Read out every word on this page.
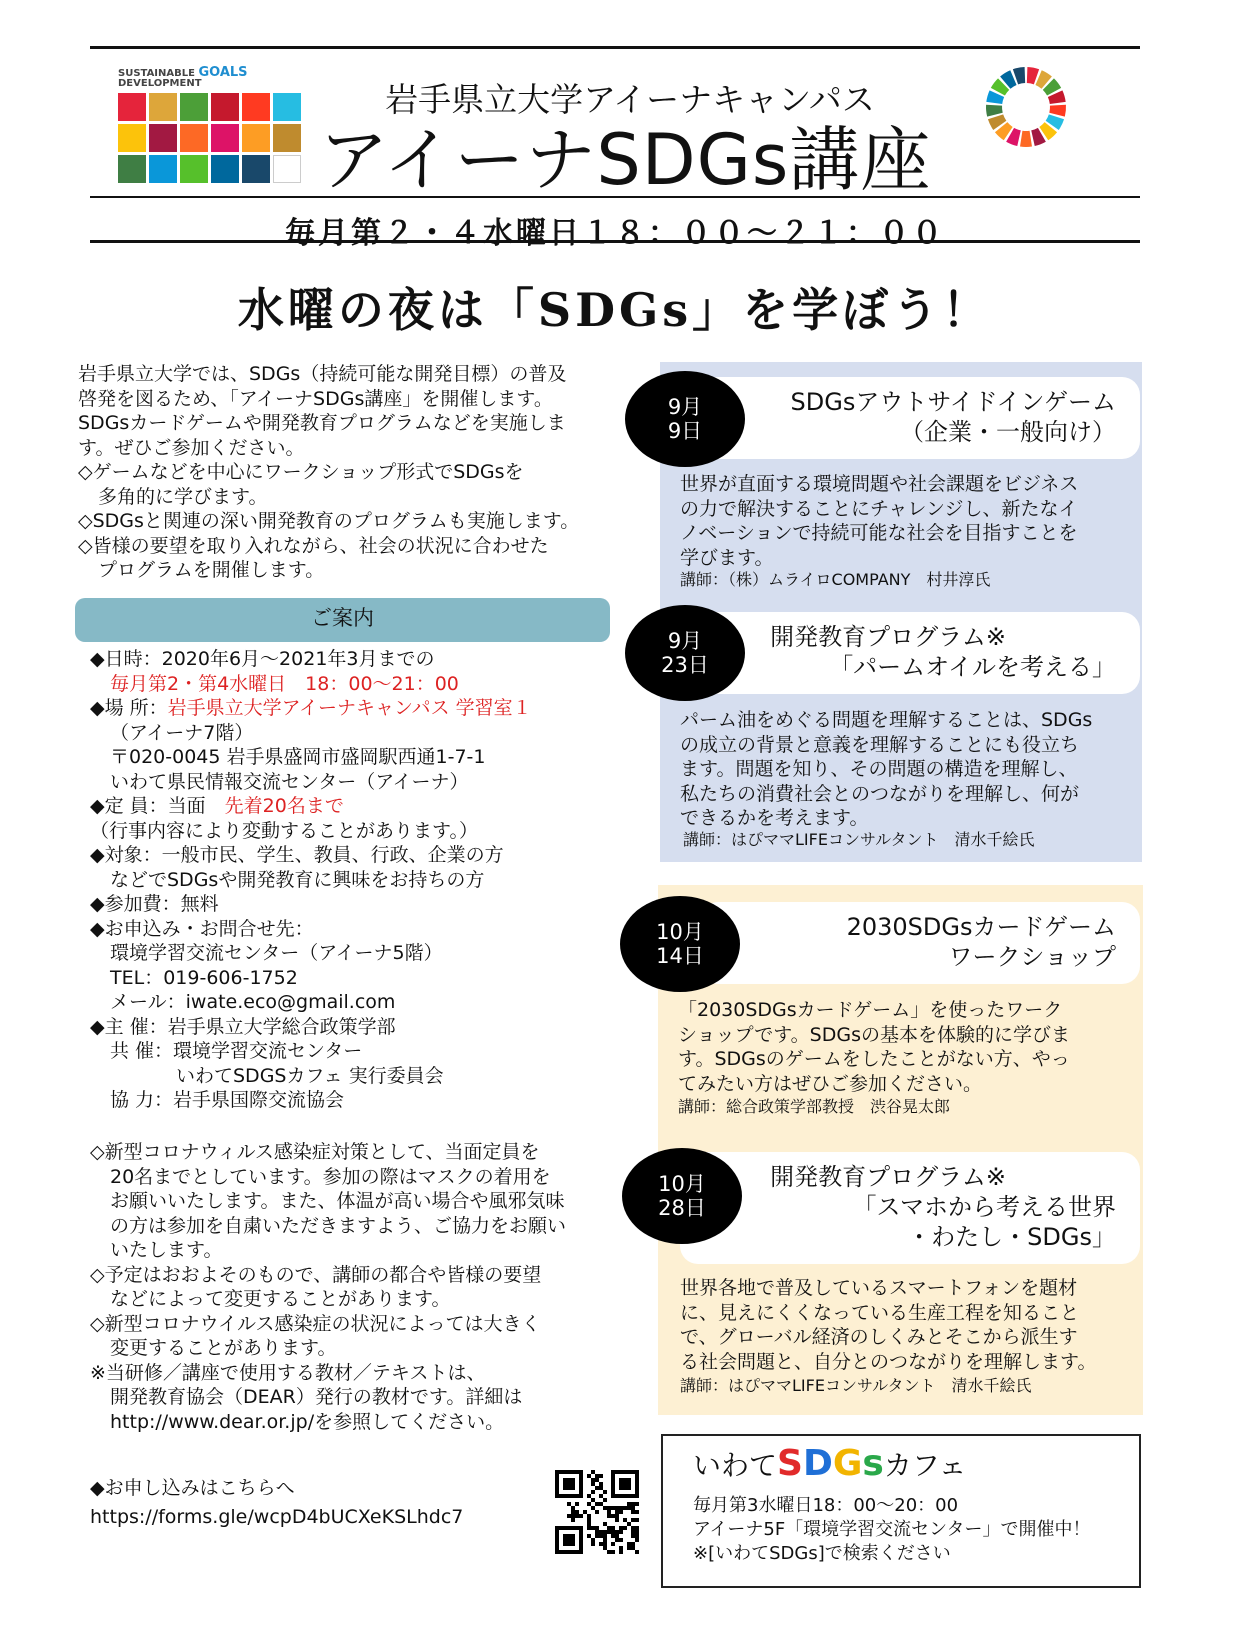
SUSTAINABLE GOALS
DEVELOPMENT	岩手県立大学アイーナキャンパス
アイーナSDGs講座
毎月第２・４水曜日１８：００～２１：００
水曜の夜は「SDGs」を学ぼう！

岩手県立大学では、SDGs（持続可能な開発目標）の普及

啓発を図るため、「アイーナSDGs講座」を開催します。

SDGsカードゲームや開発教育プログラムなどを実施しま

す。ぜひご参加ください。

◇ゲームなどを中心にワークショップ形式でSDGsを

多角的に学びます。

◇SDGsと関連の深い開発教育のプログラムも実施します。

◇皆様の要望を取り入れながら、社会の状況に合わせた

プログラムを開催します。

ご案内

◆日時：2020年6月～2021年3月までの

毎月第2・第4水曜日　18：00～21：00

◆場 所：岩手県立大学アイーナキャンパス 学習室１

（アイーナ7階）

〒020-0045 岩手県盛岡市盛岡駅西通1-7-1

いわて県民情報交流センター（アイーナ）

◆定 員：当面　先着20名まで

（行事内容により変動することがあります。）

◆対象：一般市民、学生、教員、行政、企業の方

などでSDGsや開発教育に興味をお持ちの方

◆参加費：無料

◆お申込み・お問合せ先：

環境学習交流センター（アイーナ5階）

TEL：019-606-1752

メール：iwate.eco@gmail.com

◆主 催：岩手県立大学総合政策学部

共 催：環境学習交流センター

いわてSDGSカフェ 実行委員会

協 力：岩手県国際交流協会

◇新型コロナウィルス感染症対策として、当面定員を

20名までとしています。参加の際はマスクの着用を

お願いいたします。また、体温が高い場合や風邪気味

の方は参加を自粛いただきますよう、ご協力をお願い

いたします。

◇予定はおおよそのもので、講師の都合や皆様の要望

などによって変更することがあります。

◇新型コロナウイルス感染症の状況によっては大きく

変更することがあります。

※当研修／講座で使用する教材／テキストは、

開発教育協会（DEAR）発行の教材です。詳細は

http://www.dear.or.jp/を参照してください。

◆お申し込みはこちらへ
https://forms.gle/wcpD4bUCXeKSLhdc7
SDGsアウトサイドインゲーム
（企業・一般向け）
9月
9日
世界が直面する環境問題や社会課題をビジネス
の力で解決することにチャレンジし、新たなイ
ノベーションで持続可能な社会を目指すことを
学びます。
講師：（株）ムライロCOMPANY　村井淳氏
開発教育プログラム※
「パームオイルを考える」
9月
23日
パーム油をめぐる問題を理解することは、SDGs
の成立の背景と意義を理解することにも役立ち
ます。問題を知り、その問題の構造を理解し、
私たちの消費社会とのつながりを理解し、何が
できるかを考えます。
講師：はぴママLIFEコンサルタント　清水千絵氏
2030SDGsカードゲーム
ワークショップ
10月
14日
「2030SDGsカードゲーム」を使ったワーク
ショップです。SDGsの基本を体験的に学びま
す。SDGsのゲームをしたことがない方、やっ
てみたい方はぜひご参加ください。
講師：総合政策学部教授　渋谷晃太郎
開発教育プログラム※
「スマホから考える世界
・わたし・SDGs」
10月
28日
世界各地で普及しているスマートフォンを題材
に、見えにくくなっている生産工程を知ること
で、グローバル経済のしくみとそこから派生す
る社会問題と、自分とのつながりを理解します。
講師：はぴママLIFEコンサルタント　清水千絵氏
いわてSDGsカフェ
毎月第3水曜日18：00～20：00
アイーナ5F「環境学習交流センター」で開催中！
※[いわてSDGs]で検索ください
